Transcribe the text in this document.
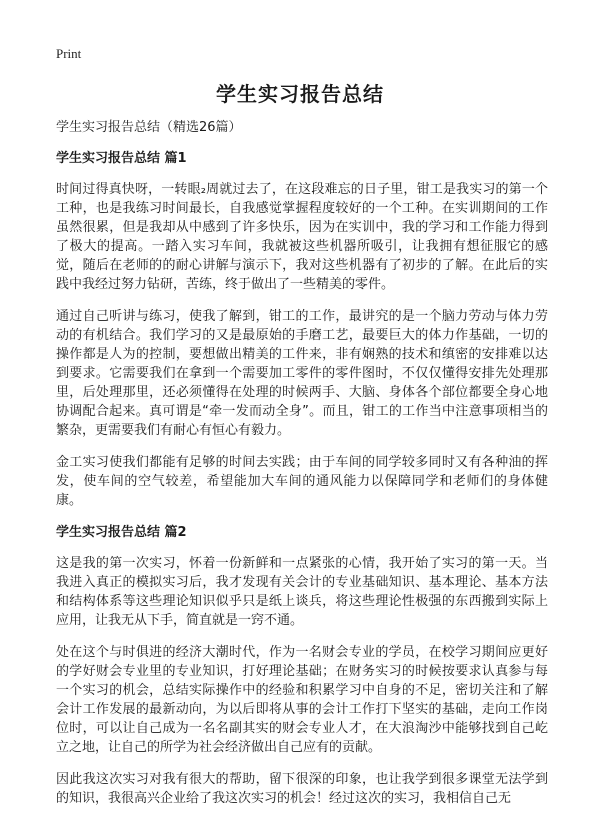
Print
学生实习报告总结

学生实习报告总结（精选26篇）

学生实习报告总结 篇1

时间过得真快呀，一转眼₂周就过去了，在这段难忘的日子里，钳工是我实习的第一个工种，也是我练习时间最长，自我感觉掌握程度较好的一个工种。在实训期间的工作虽然很累，但是我却从中感到了许多快乐，因为在实训中，我的学习和工作能力得到了极大的提高。一踏入实习车间，我就被这些机器所吸引，让我拥有想征服它的感觉，随后在老师的的耐心讲解与演示下，我对这些机器有了初步的了解。在此后的实践中我经过努力钻研，苦练，终于做出了一些精美的零件。

通过自己听讲与练习，使我了解到，钳工的工作，最讲究的是一个脑力劳动与体力劳动的有机结合。我们学习的又是最原始的手磨工艺，最要巨大的体力作基础，一切的操作都是人为的控制，要想做出精美的工件来，非有娴熟的技术和缜密的安排难以达到要求。它需要我们在拿到一个需要加工零件的零件图时，不仅仅懂得安排先处理那里，后处理那里，还必须懂得在处理的时候两手、大脑、身体各个部位都要全身心地协调配合起来。真可谓是“牵一发而动全身”。而且，钳工的工作当中注意事项相当的繁杂，更需要我们有耐心有恒心有毅力。

金工实习使我们都能有足够的时间去实践；由于车间的同学较多同时又有各种油的挥发，使车间的空气较差，希望能加大车间的通风能力以保障同学和老师们的身体健康。

学生实习报告总结 篇2

这是我的第一次实习，怀着一份新鲜和一点紧张的心情，我开始了实习的第一天。当我进入真正的模拟实习后，我才发现有关会计的专业基础知识、基本理论、基本方法和结构体系等这些理论知识似乎只是纸上谈兵，将这些理论性极强的东西搬到实际上应用，让我无从下手，简直就是一窍不通。

处在这个与时俱进的经济大潮时代，作为一名财会专业的学员，在校学习期间应更好的学好财会专业里的专业知识，打好理论基础；在财务实习的时候按要求认真参与每一个实习的机会，总结实际操作中的经验和积累学习中自身的不足，密切关注和了解会计工作发展的最新动向，为以后即将从事的会计工作打下坚实的基础，走向工作岗位时，可以让自己成为一名名副其实的财会专业人才，在大浪淘沙中能够找到自己屹立之地，让自己的所学为社会经济做出自己应有的贡献。

因此我这次实习对我有很大的帮助，留下很深的印象，也让我学到很多课堂无法学到的知识，我很高兴企业给了我这次实习的机会！经过这次的实习，我相信自己无
